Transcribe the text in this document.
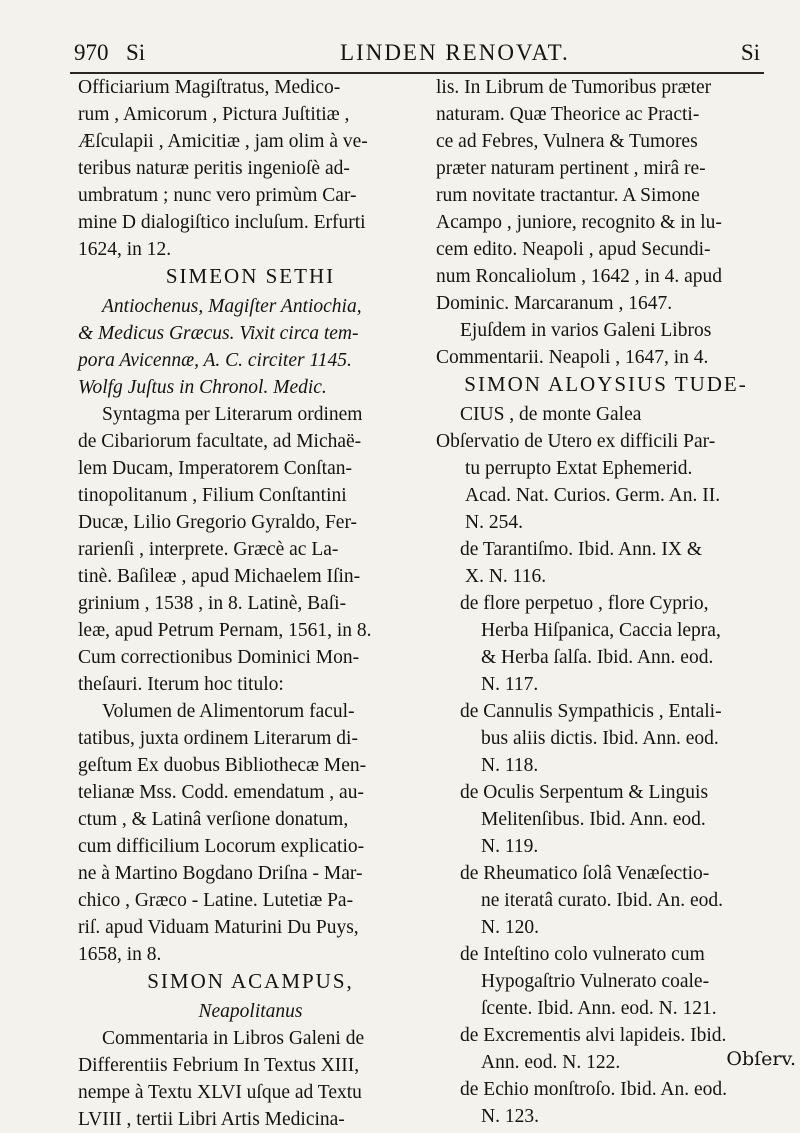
970 Si	LINDEN RENOVAT.	Si
Officiarium Magiſtratus, Medico-
rum , Amicorum , Pictura Juſtitiæ ,
Æſculapii , Amicitiæ , jam olim à ve-
teribus naturæ peritis ingenioſè ad-
umbratum ; nunc vero primùm Car-
mine D dialogiſtico incluſum. Erfurti
1624, in 12.
SIMEON SETHI
Antiochenus, Magiſter Antiochia,
& Medicus Græcus. Vixit circa tem-
pora Avicennæ, A. C. circiter 1145.
Wolfg Juſtus in Chronol. Medic.
Syntagma per Literarum ordinem
de Cibariorum facultate, ad Michaë-
lem Ducam, Imperatorem Conſtan-
tinopolitanum , Filium Conſtantini
Ducæ, Lilio Gregorio Gyraldo, Fer-
rarienſi , interprete. Græcè ac La-
tinè. Baſileæ , apud Michaelem Iſin-
grinium , 1538 , in 8. Latinè, Baſi-
leæ, apud Petrum Pernam, 1561, in 8.
Cum correctionibus Dominici Mon-
theſauri. Iterum hoc titulo:
Volumen de Alimentorum facul-
tatibus, juxta ordinem Literarum di-
geſtum Ex duobus Bibliothecæ Men-
telianæ Mss. Codd. emendatum , au-
ctum , & Latinâ verſione donatum,
cum difficilium Locorum explicatio-
ne à Martino Bogdano Driſna - Mar-
chico , Græco - Latine. Lutetiæ Pa-
riſ. apud Viduam Maturini Du Puys,
1658, in 8.
SIMON ACAMPUS,
Neapolitanus
Commentaria in Libros Galeni de
Differentiis Febrium In Textus XIII,
nempe à Textu XLVI uſque ad Textu
LVIII , tertii Libri Artis Medicina-
lis. In Librum de Tumoribus præter
naturam. Quæ Theorice ac Practi-
ce ad Febres, Vulnera & Tumores
præter naturam pertinent , mirâ re-
rum novitate tractantur. A Simone
Acampo , juniore, recognito & in lu-
cem edito. Neapoli , apud Secundi-
num Roncaliolum , 1642 , in 4. apud
Dominic. Marcaranum , 1647.
Ejuſdem in varios Galeni Libros
Commentarii. Neapoli , 1647, in 4.
SIMON ALOYSIUS TUDE-
CIUS , de monte Galea
Obſervatio de Utero ex difficili Par-
tu perrupto Extat Ephemerid.
Acad. Nat. Curios. Germ. An. II.
N. 254.
de Tarantiſmo. Ibid. Ann. IX &
X. N. 116.
de flore perpetuo , flore Cyprio,
Herba Hiſpanica, Caccia lepra,
& Herba ſalſa. Ibid. Ann. eod.
N. 117.
de Cannulis Sympathicis , Entali-
bus aliis dictis. Ibid. Ann. eod.
N. 118.
de Oculis Serpentum & Linguis
Melitenſibus. Ibid. Ann. eod.
N. 119.
de Rheumatico ſolâ Venæſectio-
ne iteratâ curato. Ibid. An. eod.
N. 120.
de Inteſtino colo vulnerato cum
Hypogaſtrio Vulnerato coale-
ſcente. Ibid. Ann. eod. N. 121.
de Excrementis alvi lapideis. Ibid.
Ann. eod. N. 122.
de Echio monſtroſo. Ibid. An. eod.
N. 123.
Obſerv.
